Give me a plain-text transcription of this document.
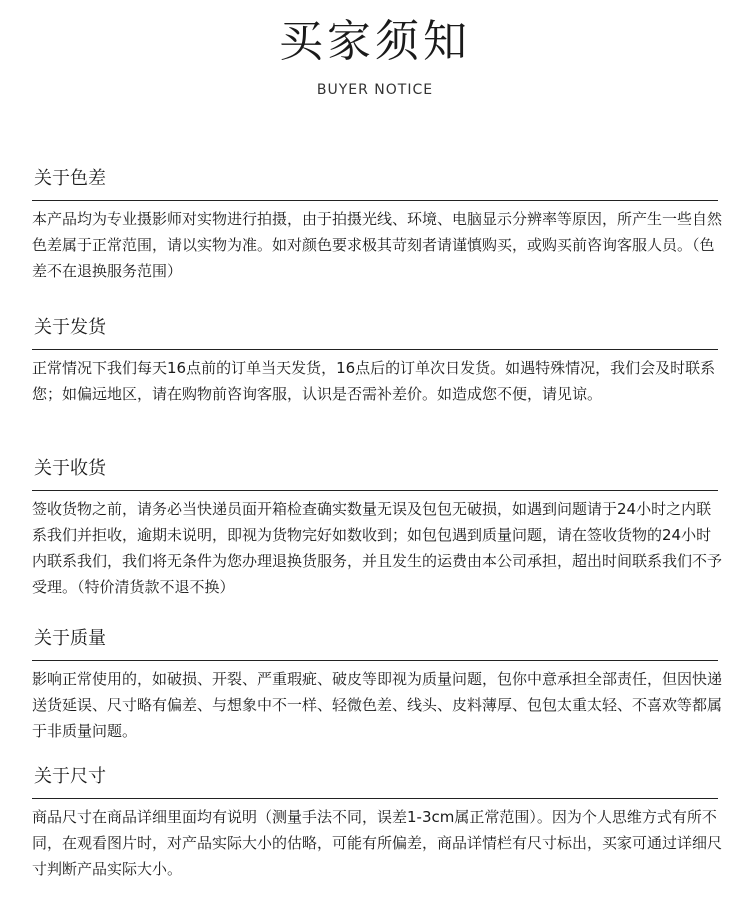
买家须知
BUYER NOTICE
关于色差
本产品均为专业摄影师对实物进行拍摄，由于拍摄光线、环境、电脑显示分辨率等原因，所产生一些自然色差属于正常范围，请以实物为准。如对颜色要求极其苛刻者请谨慎购买，或购买前咨询客服人员。（色差不在退换服务范围）
关于发货
正常情况下我们每天16点前的订单当天发货，16点后的订单次日发货。如遇特殊情况，我们会及时联系您；如偏远地区，请在购物前咨询客服，认识是否需补差价。如造成您不便，请见谅。
关于收货
签收货物之前，请务必当快递员面开箱检查确实数量无误及包包无破损，如遇到问题请于24小时之内联系我们并拒收，逾期未说明，即视为货物完好如数收到；如包包遇到质量问题，请在签收货物的24小时内联系我们，我们将无条件为您办理退换货服务，并且发生的运费由本公司承担，超出时间联系我们不予受理。（特价清货款不退不换）
关于质量
影响正常使用的，如破损、开裂、严重瑕疵、破皮等即视为质量问题，包你中意承担全部责任，但因快递送货延误、尺寸略有偏差、与想象中不一样、轻微色差、线头、皮料薄厚、包包太重太轻、不喜欢等都属于非质量问题。
关于尺寸
商品尺寸在商品详细里面均有说明（测量手法不同，误差1-3cm属正常范围）。因为个人思维方式有所不同，在观看图片时，对产品实际大小的估略，可能有所偏差，商品详情栏有尺寸标出，买家可通过详细尺寸判断产品实际大小。
